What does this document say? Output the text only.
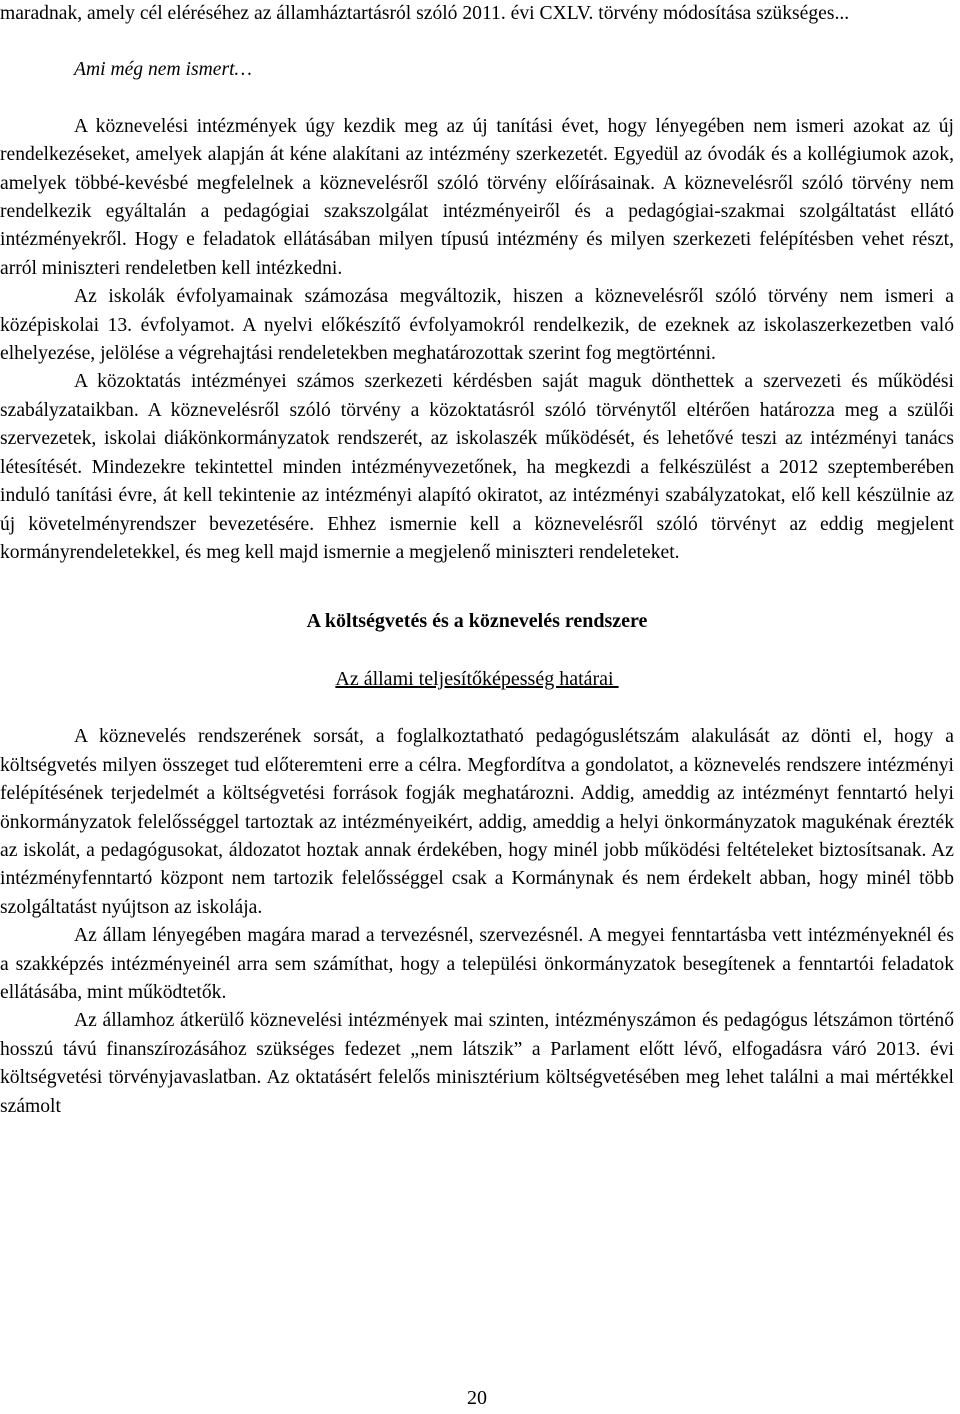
maradnak, amely cél eléréséhez az államháztartásról szóló 2011. évi CXLV. törvény módosítása szükséges...

Ami még nem ismert…

A köznevelési intézmények úgy kezdik meg az új tanítási évet, hogy lényegében nem ismeri azokat az új rendelkezéseket, amelyek alapján át kéne alakítani az intézmény szerkezetét. Egyedül az óvodák és a kollégiumok azok, amelyek többé-kevésbé megfelelnek a köznevelésről szóló törvény előírásainak. A köznevelésről szóló törvény nem rendelkezik egyáltalán a pedagógiai szakszolgálat intézményeiről és a pedagógiai-szakmai szolgáltatást ellátó intézményekről. Hogy e feladatok ellátásában milyen típusú intézmény és milyen szerkezeti felépítésben vehet részt, arról miniszteri rendeletben kell intézkedni.

Az iskolák évfolyamainak számozása megváltozik, hiszen a köznevelésről szóló törvény nem ismeri a középiskolai 13. évfolyamot. A nyelvi előkészítő évfolyamokról rendelkezik, de ezeknek az iskolaszerkezetben való elhelyezése, jelölése a végrehajtási rendeletekben meghatározottak szerint fog megtörténni.

A közoktatás intézményei számos szerkezeti kérdésben saját maguk dönthettek a szervezeti és működési szabályzataikban. A köznevelésről szóló törvény a közoktatásról szóló törvénytől eltérően határozza meg a szülői szervezetek, iskolai diákönkormányzatok rendszerét, az iskolaszék működését, és lehetővé teszi az intézményi tanács létesítését. Mindezekre tekintettel minden intézményvezetőnek, ha megkezdi a felkészülést a 2012 szeptemberében induló tanítási évre, át kell tekintenie az intézményi alapító okiratot, az intézményi szabályzatokat, elő kell készülnie az új követelményrendszer bevezetésére. Ehhez ismernie kell a köznevelésről szóló törvényt az eddig megjelent kormányrendeletekkel, és meg kell majd ismernie a megjelenő miniszteri rendeleteket.

A költségvetés és a köznevelés rendszere

Az állami teljesítőképesség határai

A köznevelés rendszerének sorsát, a foglalkoztatható pedagóguslétszám alakulását az dönti el, hogy a költségvetés milyen összeget tud előteremteni erre a célra. Megfordítva a gondolatot, a köznevelés rendszere intézményi felépítésének terjedelmét a költségvetési források fogják meghatározni. Addig, ameddig az intézményt fenntartó helyi önkormányzatok felelősséggel tartoztak az intézményeikért, addig, ameddig a helyi önkormányzatok magukénak érezték az iskolát, a pedagógusokat, áldozatot hoztak annak érdekében, hogy minél jobb működési feltételeket biztosítsanak. Az intézményfenntartó központ nem tartozik felelősséggel csak a Kormánynak és nem érdekelt abban, hogy minél több szolgáltatást nyújtson az iskolája.

Az állam lényegében magára marad a tervezésnél, szervezésnél. A megyei fenntartásba vett intézményeknél és a szakképzés intézményeinél arra sem számíthat, hogy a települési önkormányzatok besegítenek a fenntartói feladatok ellátásába, mint működtetők.

Az államhoz átkerülő köznevelési intézmények mai szinten, intézményszámon és pedagógus létszámon történő hosszú távú finanszírozásához szükséges fedezet „nem látszik” a Parlament előtt lévő, elfogadásra váró 2013. évi költségvetési törvényjavaslatban. Az oktatásért felelős minisztérium költségvetésében meg lehet találni a mai mértékkel számolt

20
